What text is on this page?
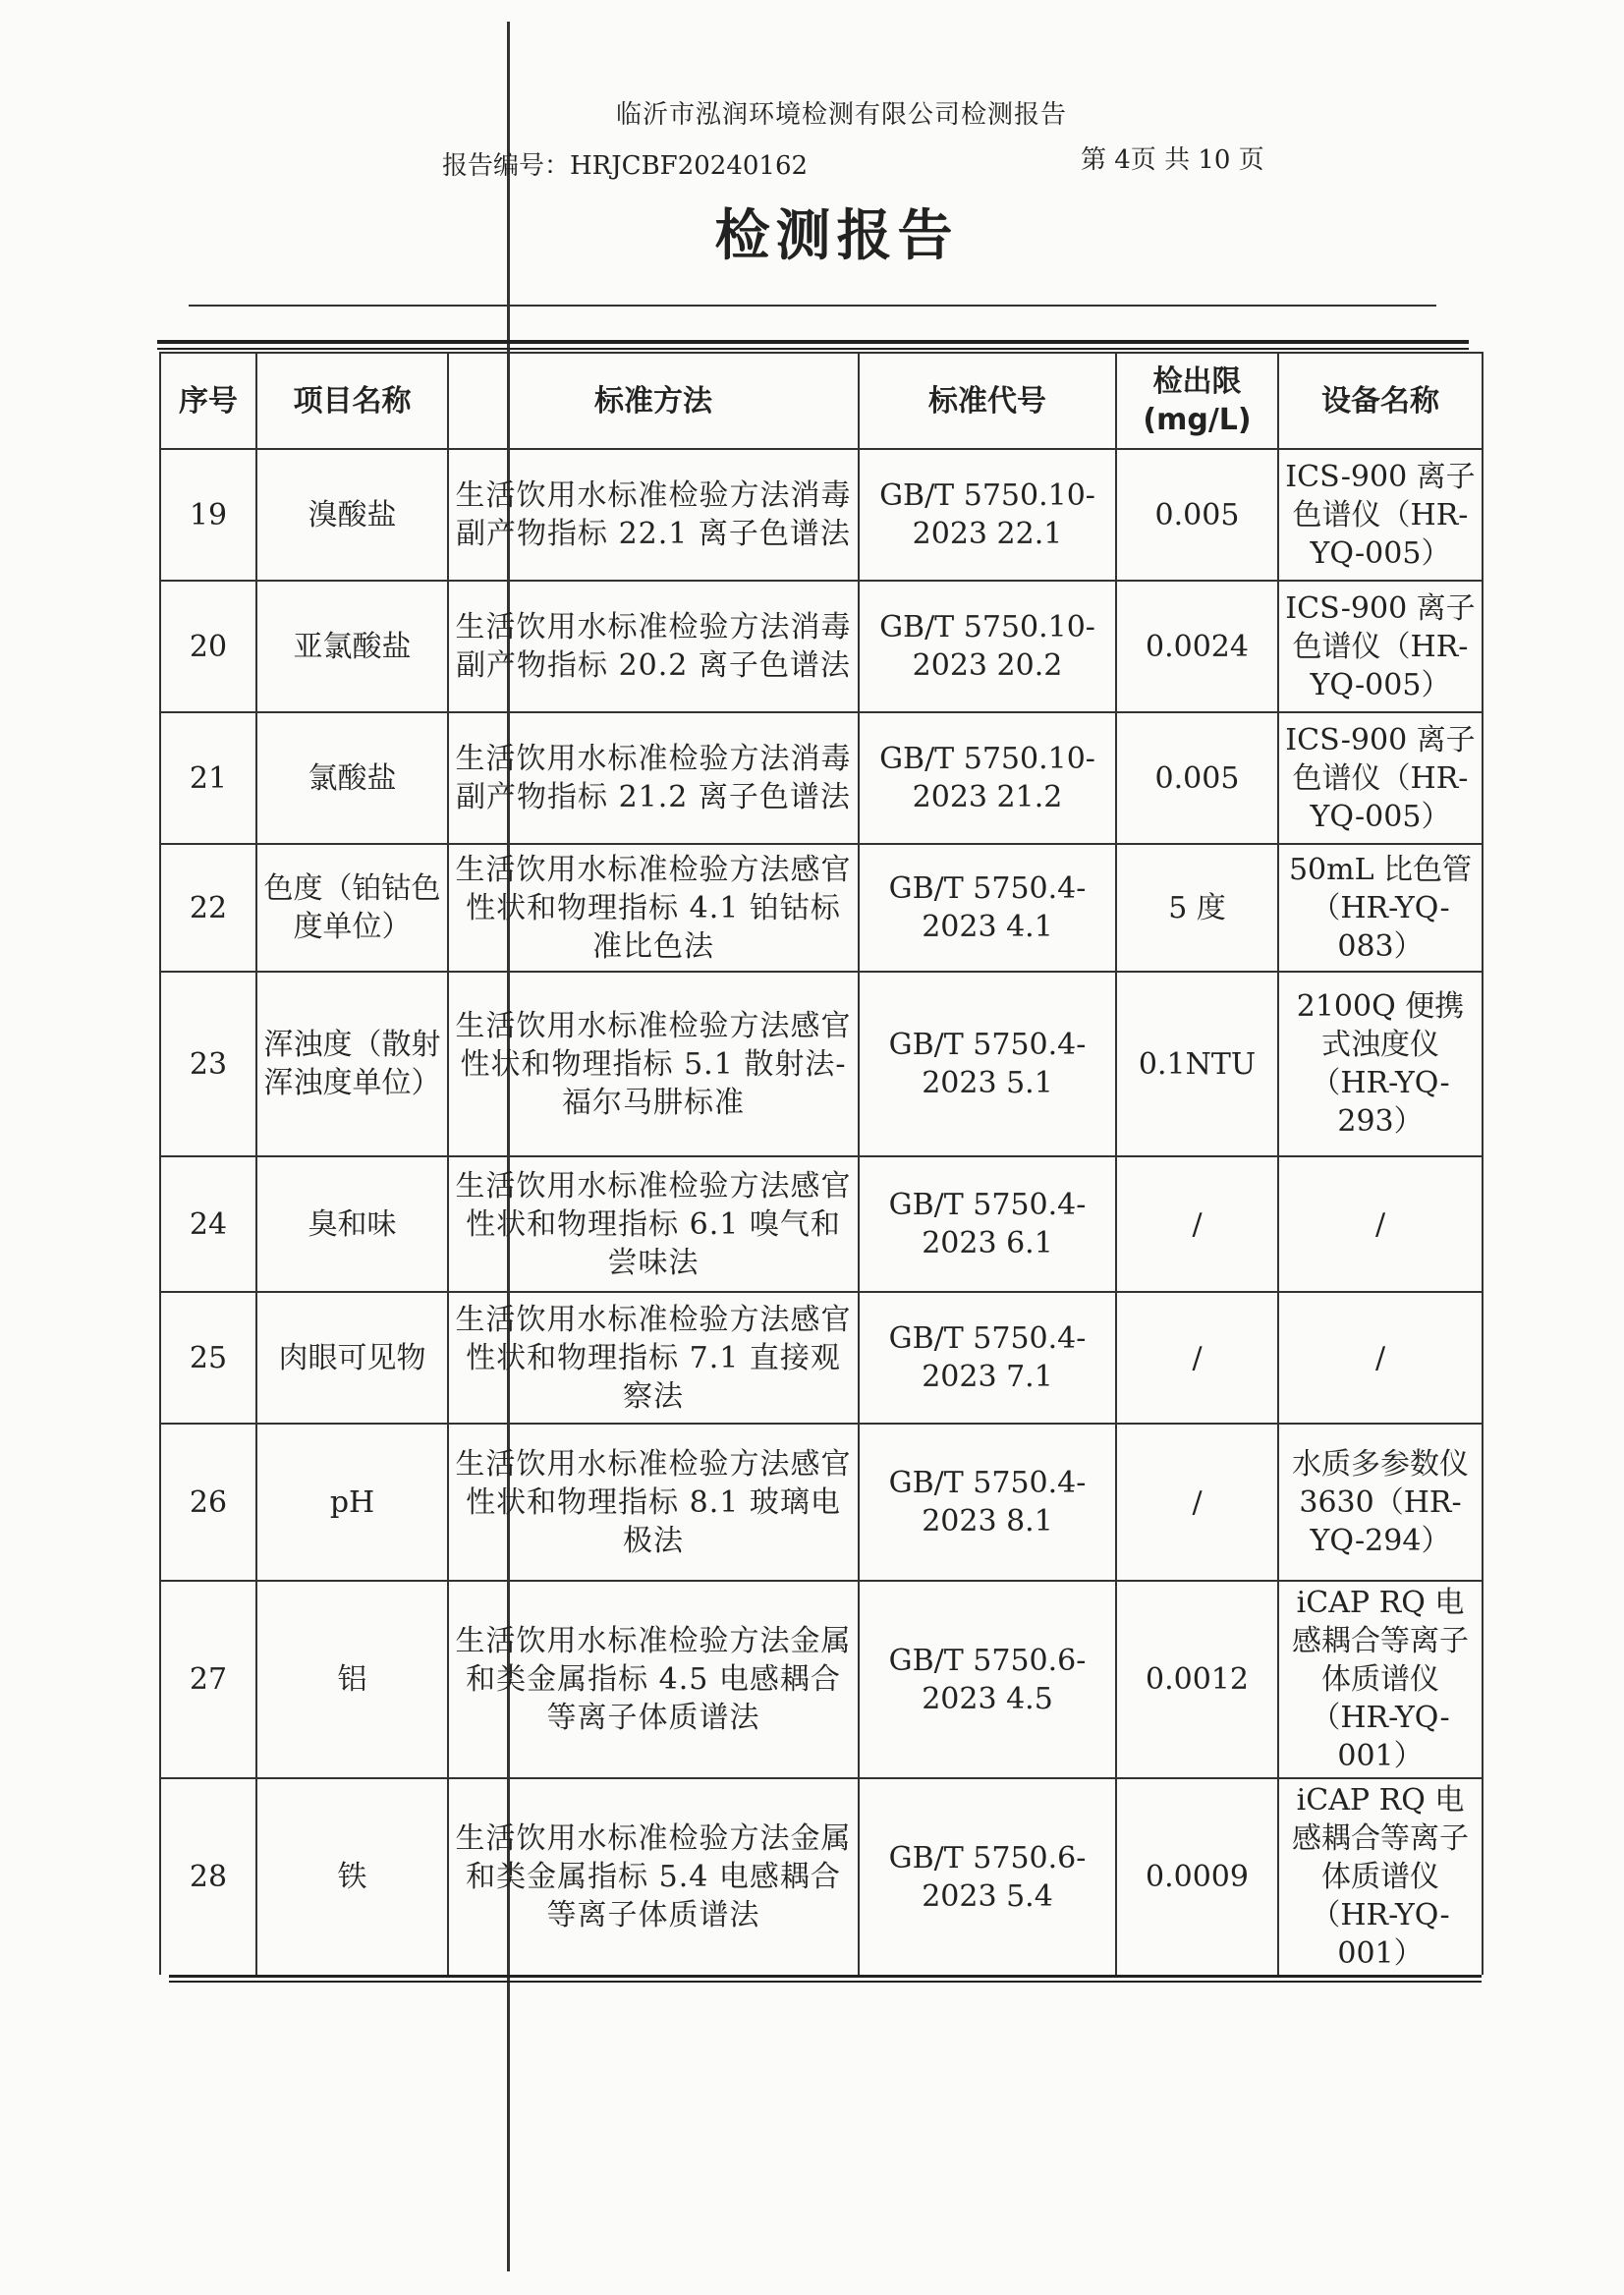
临沂市泓润环境检测有限公司检测报告
报告编号：HRJCBF20240162	第 4页 共 10 页
检测报告
序号	项目名称	标准方法	标准代号	检出限 (mg/L)	设备名称
19	溴酸盐	生活饮用水标准检验方法消毒副产物指标 22.1 离子色谱法	GB/T 5750.10-2023 22.1	0.005	ICS-900 离子色谱仪（HR-YQ-005）
20	亚氯酸盐	生活饮用水标准检验方法消毒副产物指标 20.2 离子色谱法	GB/T 5750.10-2023 20.2	0.0024	ICS-900 离子色谱仪（HR-YQ-005）
21	氯酸盐	生活饮用水标准检验方法消毒副产物指标 21.2 离子色谱法	GB/T 5750.10-2023 21.2	0.005	ICS-900 离子色谱仪（HR-YQ-005）
22	色度（铂钴色度单位）	生活饮用水标准检验方法感官性状和物理指标 4.1 铂钴标准比色法	GB/T 5750.4-2023 4.1	5 度	50mL 比色管（HR-YQ-083）
23	浑浊度（散射浑浊度单位）	生活饮用水标准检验方法感官性状和物理指标 5.1 散射法-福尔马肼标准	GB/T 5750.4-2023 5.1	0.1NTU	2100Q 便携式浊度仪（HR-YQ-293）
24	臭和味	生活饮用水标准检验方法感官性状和物理指标 6.1 嗅气和尝味法	GB/T 5750.4-2023 6.1	/	/
25	肉眼可见物	生活饮用水标准检验方法感官性状和物理指标 7.1 直接观察法	GB/T 5750.4-2023 7.1	/	/
26	pH	生活饮用水标准检验方法感官性状和物理指标 8.1 玻璃电极法	GB/T 5750.4-2023 8.1	/	水质多参数仪 3630（HR-YQ-294）
27	铝	生活饮用水标准检验方法金属和类金属指标 4.5 电感耦合等离子体质谱法	GB/T 5750.6-2023 4.5	0.0012	iCAP RQ 电感耦合等离子体质谱仪（HR-YQ-001）
28	铁	生活饮用水标准检验方法金属和类金属指标 5.4 电感耦合等离子体质谱法	GB/T 5750.6-2023 5.4	0.0009	iCAP RQ 电感耦合等离子体质谱仪（HR-YQ-001）
